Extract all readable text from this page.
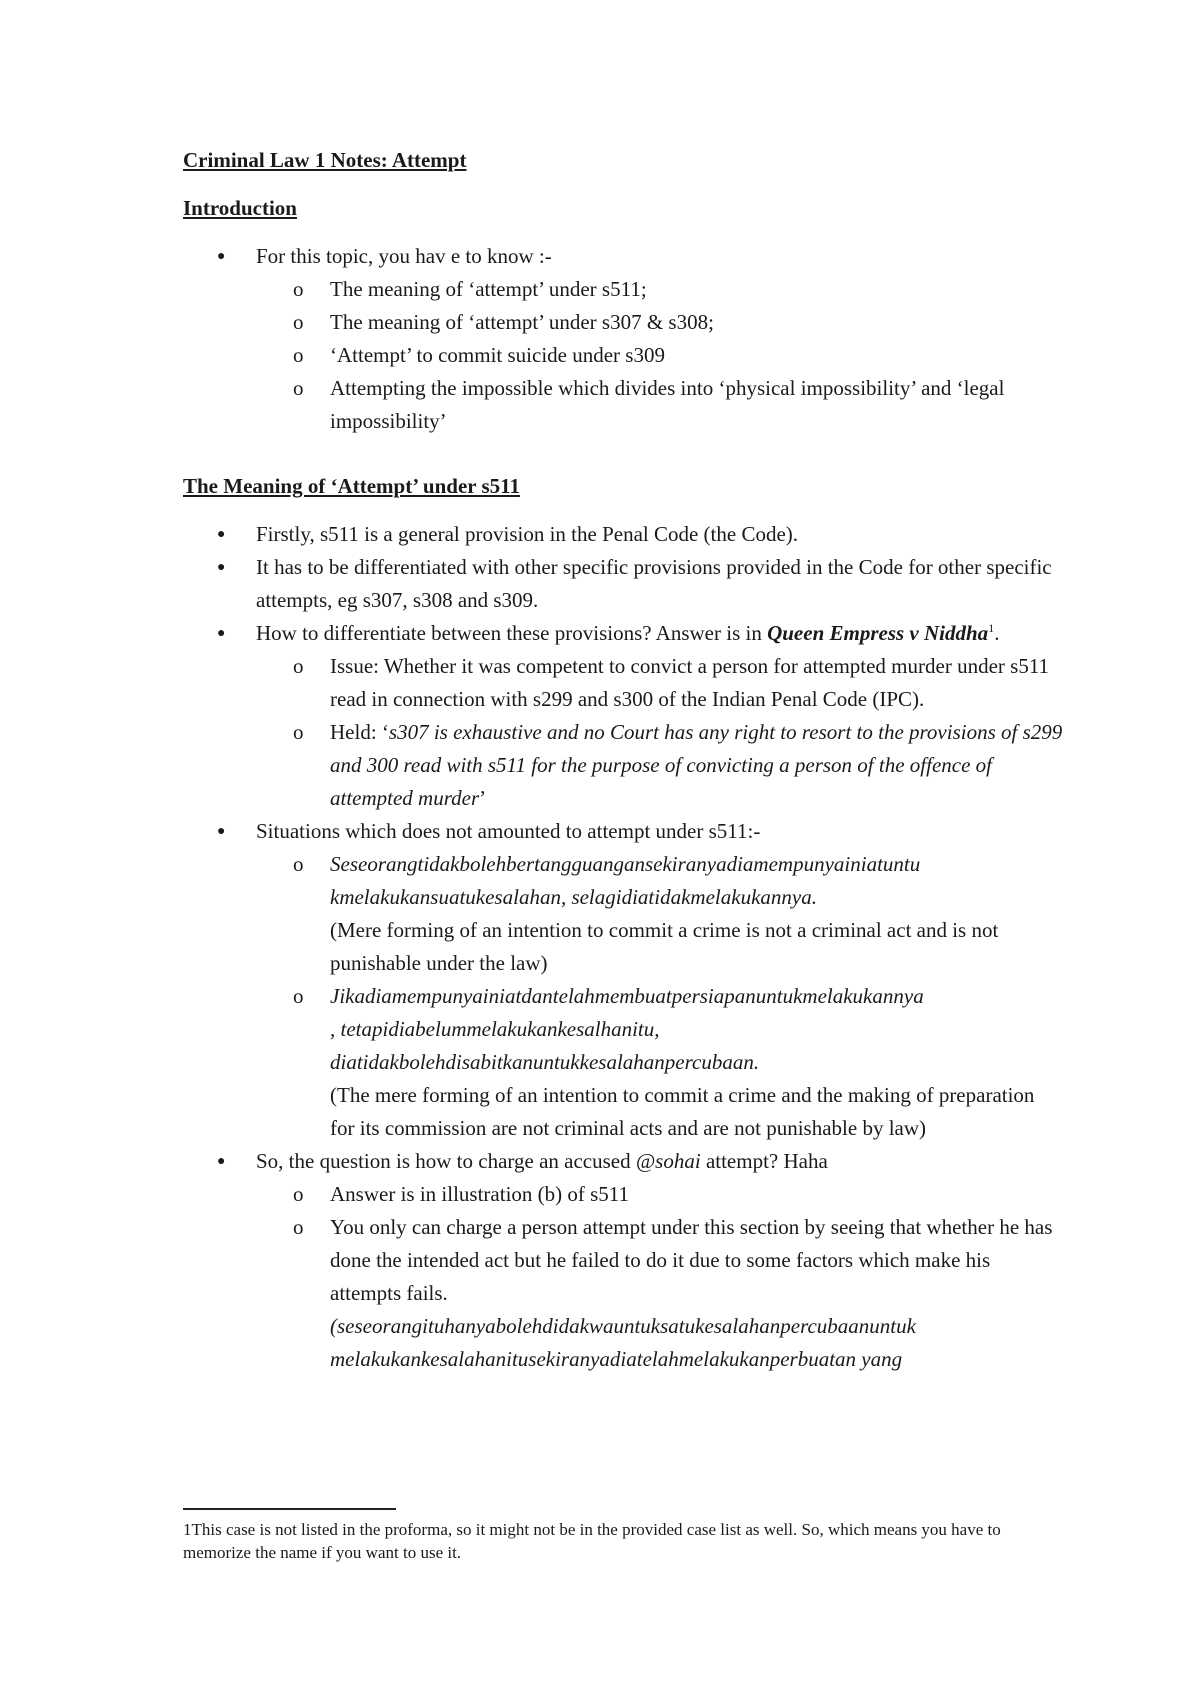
Criminal Law 1 Notes: Attempt
Introduction
● For this topic, you hav e to know :-
o The meaning of ‘attempt’ under s511;
o The meaning of ‘attempt’ under s307 & s308;
o ‘Attempt’ to commit suicide under s309
o Attempting the impossible which divides into ‘physical impossibility’ and ‘legal impossibility’
The Meaning of ‘Attempt’ under s511
● Firstly, s511 is a general provision in the Penal Code (the Code).
● It has to be differentiated with other specific provisions provided in the Code for other specific attempts, eg s307, s308 and s309.
● How to differentiate between these provisions? Answer is in Queen Empress v Niddha$^1$.
o Issue: Whether it was competent to convict a person for attempted murder under s511 read in connection with s299 and s300 of the Indian Penal Code (IPC).
o Held: ‘s307 is exhaustive and no Court has any right to resort to the provisions of s299 and 300 read with s511 for the purpose of convicting a person of the offence of attempted murder’
● Situations which does not amounted to attempt under s511:-
o Seseorangtidakbolehbertangguangansekiranyadiamempunyainiatuntu
kmelakukansuatukesalahan, selagidiatidakmelakukannya.
(Mere forming of an intention to commit a crime is not a criminal act and is not punishable under the law)
o Jikadiamempunyainiatdantelahmembuatpersiapanuntukmelakukannya
, tetapidiabelummelakukankesalhanitu,
diatidakbolehdisabitkanuntukkesalahanpercubaan.
(The mere forming of an intention to commit a crime and the making of preparation for its commission are not criminal acts and are not punishable by law)
● So, the question is how to charge an accused @sohai attempt? Haha
o Answer is in illustration (b) of s511
o You only can charge a person attempt under this section by seeing that whether he has done the intended act but he failed to do it due to some factors which make his attempts fails.
(seseorangituhanyabolehdidakwauntuksatukesalahanpercubaanuntuk
melakukankesalahanitusekiranyadiatelahmelakukanperbuatan yang
1This case is not listed in the proforma, so it might not be in the provided case list as well. So, which means you have to memorize the name if you want to use it.
